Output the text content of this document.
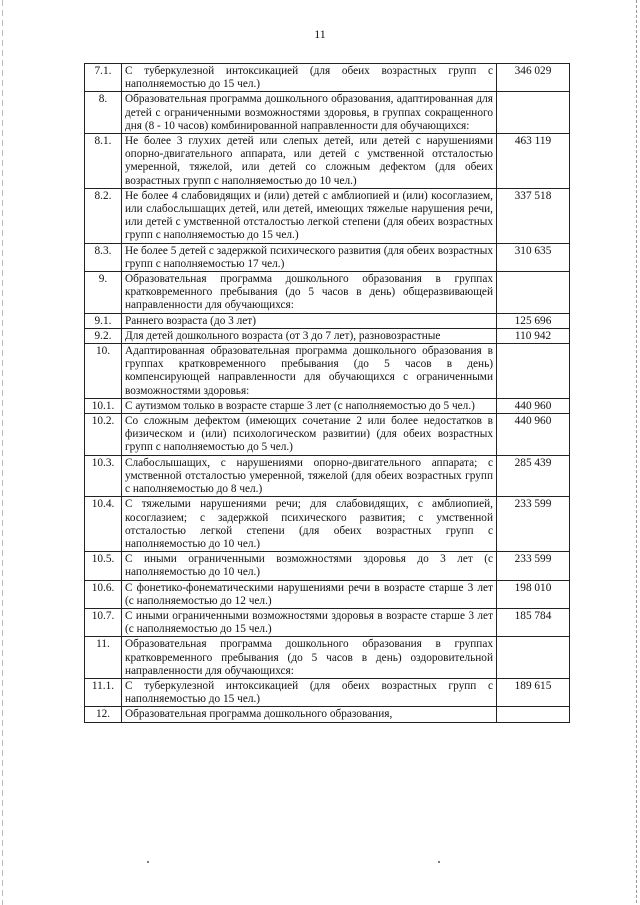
11
7.1.	С туберкулезной интоксикацией (для обеих возрастных групп с наполняемостью до 15 чел.)	346 029
8.	Образовательная программа дошкольного образования, адаптированная для детей с ограниченными возможностями здоровья, в группах сокращенного дня (8 - 10 часов) комбинированной направленности для обучающихся:	
8.1.	Не более 3 глухих детей или слепых детей, или детей с нарушениями опорно-двигательного аппарата, или детей с умственной отсталостью умеренной, тяжелой, или детей со сложным дефектом (для обеих возрастных групп с наполняемостью до 10 чел.)	463 119
8.2.	Не более 4 слабовидящих и (или) детей с амблиопией и (или) косоглазием, или слабослышащих детей, или детей, имеющих тяжелые нарушения речи, или детей с умственной отсталостью легкой степени (для обеих возрастных групп с наполняемостью до 15 чел.)	337 518
8.3.	Не более 5 детей с задержкой психического развития (для обеих возрастных групп с наполняемостью 17 чел.)	310 635
9.	Образовательная программа дошкольного образования в группах кратковременного пребывания (до 5 часов в день) общеразвивающей направленности для обучающихся:	
9.1.	Раннего возраста (до 3 лет)	125 696
9.2.	Для детей дошкольного возраста (от 3 до 7 лет), разновозрастные	110 942
10.	Адаптированная образовательная программа дошкольного образования в группах кратковременного пребывания (до 5 часов в день) компенсирующей направленности для обучающихся с ограниченными возможностями здоровья:	
10.1.	С аутизмом только в возрасте старше 3 лет (с наполняемостью до 5 чел.)	440 960
10.2.	Со сложным дефектом (имеющих сочетание 2 или более недостатков в физическом и (или) психологическом развитии) (для обеих возрастных групп с наполняемостью до 5 чел.)	440 960
10.3.	Слабослышащих, с нарушениями опорно-двигательного аппарата; с умственной отсталостью умеренной, тяжелой (для обеих возрастных групп с наполняемостью до 8 чел.)	285 439
10.4.	С тяжелыми нарушениями речи; для слабовидящих, с амблиопией, косоглазием; с задержкой психического развития; с умственной отсталостью легкой степени (для обеих возрастных групп с наполняемостью до 10 чел.)	233 599
10.5.	С иными ограниченными возможностями здоровья до 3 лет (с наполняемостью до 10 чел.)	233 599
10.6.	С фонетико-фонематическими нарушениями речи в возрасте старше 3 лет (с наполняемостью до 12 чел.)	198 010
10.7.	С иными ограниченными возможностями здоровья в возрасте старше 3 лет (с наполняемостью до 15 чел.)	185 784
11.	Образовательная программа дошкольного образования в группах кратковременного пребывания (до 5 часов в день) оздоровительной направленности для обучающихся:	
11.1.	С туберкулезной интоксикацией (для обеих возрастных групп с наполняемостью до 15 чел.)	189 615
12.	Образовательная программа дошкольного образования,	
